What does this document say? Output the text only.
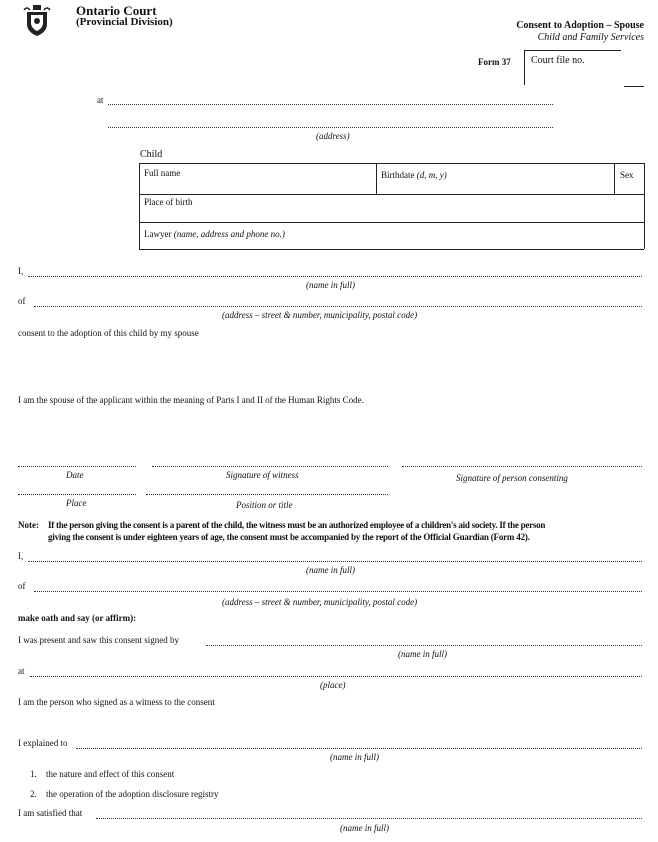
Ontario Court
(Provincial Division)	Consent to Adoption – Spouse
Child and Family Services
Form 37 Court file no.
at
(address)
Child
Full name	Birthdate (d, m, y)	Sex
Place of birth
Lawyer (name, address and phone no.)
I,
(name in full)
of
(address – street & number, municipality, postal code)
consent to the adoption of this child by my spouse
I am the spouse of the applicant within the meaning of Parts I and II of the Human Rights Code.
Date	Signature of witness	Signature of person consenting
Place	Position or title
Note: If the person giving the consent is a parent of the child, the witness must be an authorized employee of a children's aid society. If the person
giving the consent is under eighteen years of age, the consent must be accompanied by the report of the Official Guardian (Form 42).
I,
(name in full)
of
(address – street & number, municipality, postal code)
make oath and say (or affirm):
I was present and saw this consent signed by
(name in full)
at
(place)
I am the person who signed as a witness to the consent
I explained to
(name in full)
1. the nature and effect of this consent
2. the operation of the adoption disclosure registry
I am satisfied that
(name in full)
